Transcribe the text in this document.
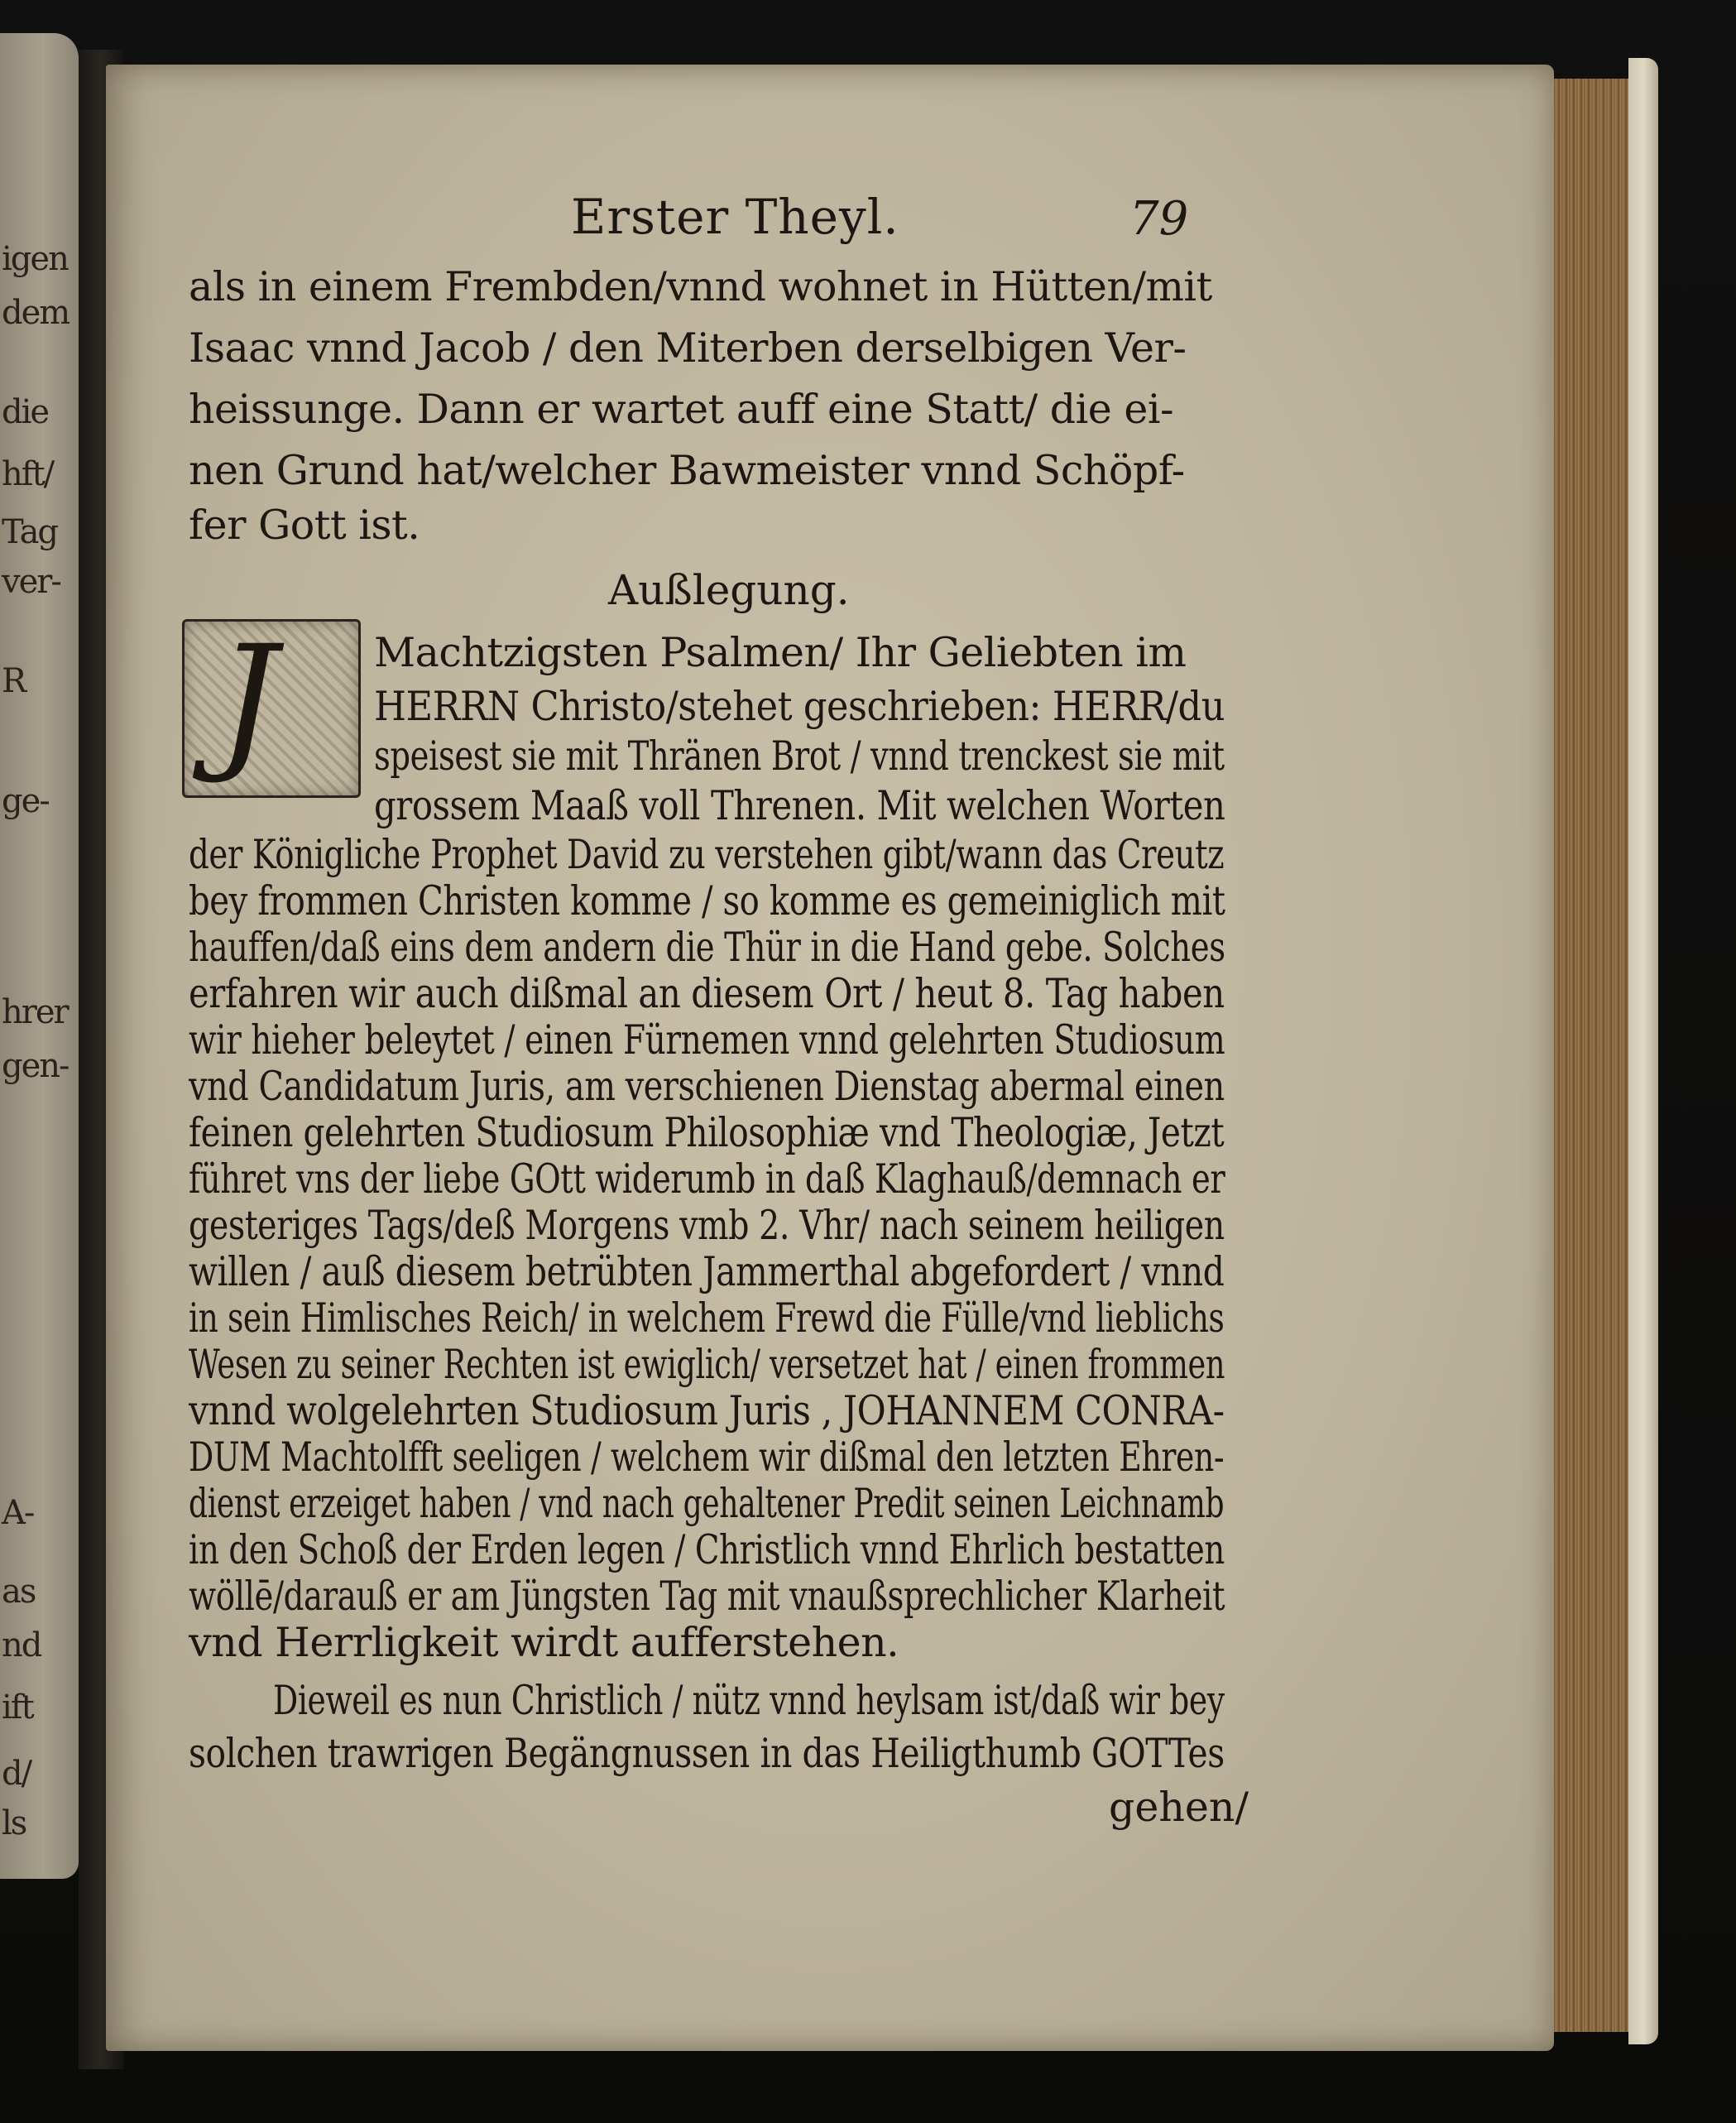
igen
dem
die
hft/
Tag
ver-
R
ge-
hrer
gen-
A-
as
nd
ift
d/
ls
Erster Theyl.	79
als in einem Frembden/vnnd wohnet in Hütten/mit
Isaac vnnd Jacob / den Miterben derselbigen Ver-
heissunge. Dann er wartet auff eine Statt/ die ei-
nen Grund hat/welcher Bawmeister vnnd Schöpf-
fer Gott ist.
Außlegung.
J Machtzigsten Psalmen/ Ihr Geliebten im
HERRN Christo/stehet geschrieben: HERR/du
speisest sie mit Thränen Brot / vnnd trenckest sie mit
grossem Maaß voll Threnen. Mit welchen Worten
der Königliche Prophet David zu verstehen gibt/wann das Creutz
bey frommen Christen komme / so komme es gemeiniglich mit
hauffen/daß eins dem andern die Thür in die Hand gebe. Solches
erfahren wir auch dißmal an diesem Ort / heut 8. Tag haben
wir hieher beleytet / einen Fürnemen vnnd gelehrten Studiosum
vnd Candidatum Juris, am verschienen Dienstag abermal einen
feinen gelehrten Studiosum Philosophiæ vnd Theologiæ, Jetzt
führet vns der liebe GOtt widerumb in daß Klaghauß/demnach er
gesteriges Tags/deß Morgens vmb 2. Vhr/ nach seinem heiligen
willen / auß diesem betrübten Jammerthal abgefordert / vnnd
in sein Himlisches Reich/ in welchem Frewd die Fülle/vnd lieblichs
Wesen zu seiner Rechten ist ewiglich/ versetzet hat / einen frommen
vnnd wolgelehrten Studiosum Juris , JOHANNEM CONRA-
DUM Machtolfft seeligen / welchem wir dißmal den letzten Ehren-
dienst erzeiget haben / vnd nach gehaltener Predit seinen Leichnamb
in den Schoß der Erden legen / Christlich vnnd Ehrlich bestatten
wöllē/darauß er am Jüngsten Tag mit vnaußsprechlicher Klarheit
vnd Herrligkeit wirdt aufferstehen.
Dieweil es nun Christlich / nütz vnnd heylsam ist/daß wir bey
solchen trawrigen Begängnussen in das Heiligthumb GOTTes
gehen/
